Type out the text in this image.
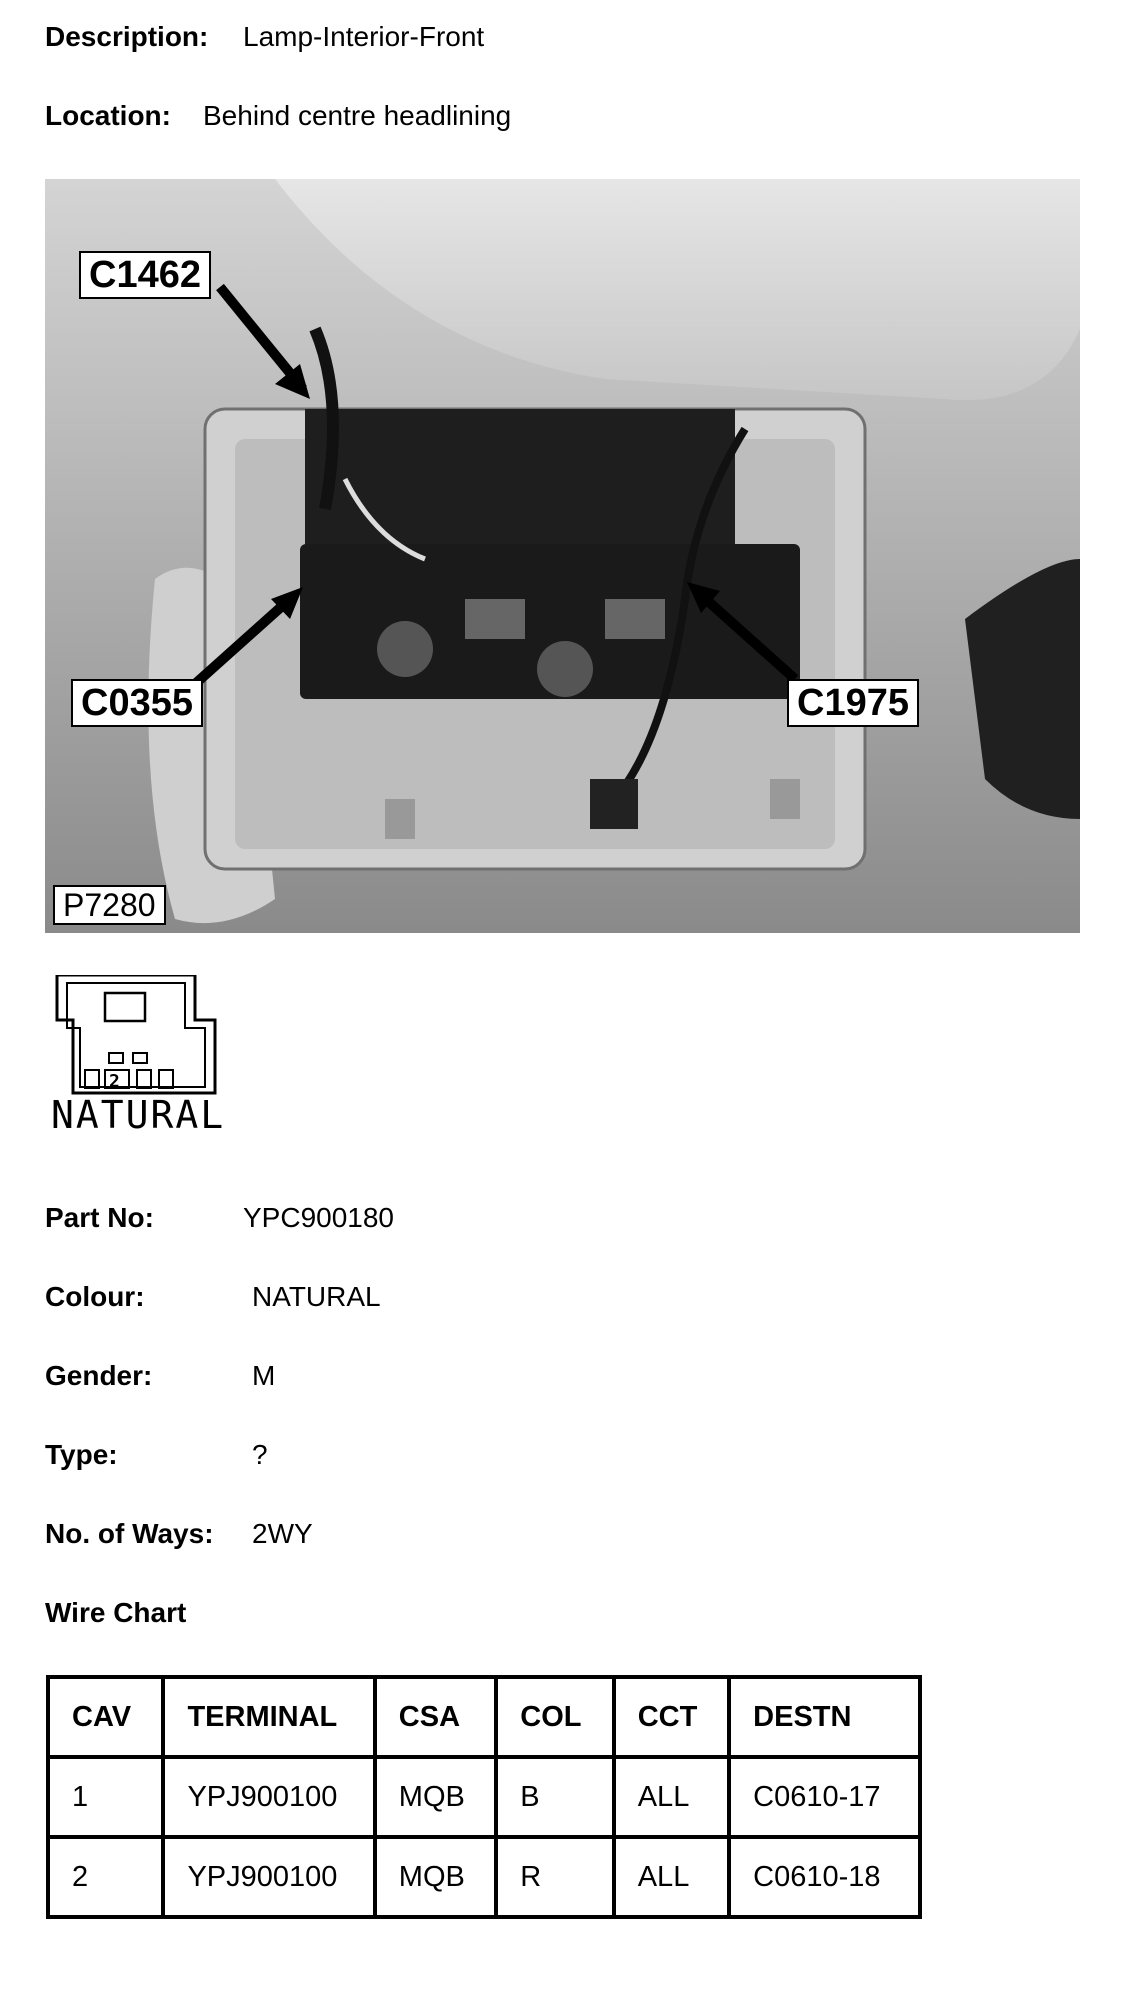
Description: Lamp-Interior-Front
Location: Behind centre headlining
C1462
C0355	C1975
P7280
2
NATURAL
Part No:	YPC900180
Colour:	NATURAL
Gender:	M
Type:	?
No. of Ways: 2WY
Wire Chart
CAV	TERMINAL	CSA	COL	CCT	DESTN
1	YPJ900100	MQB	B	ALL	C0610-17
2	YPJ900100	MQB	R	ALL	C0610-18
